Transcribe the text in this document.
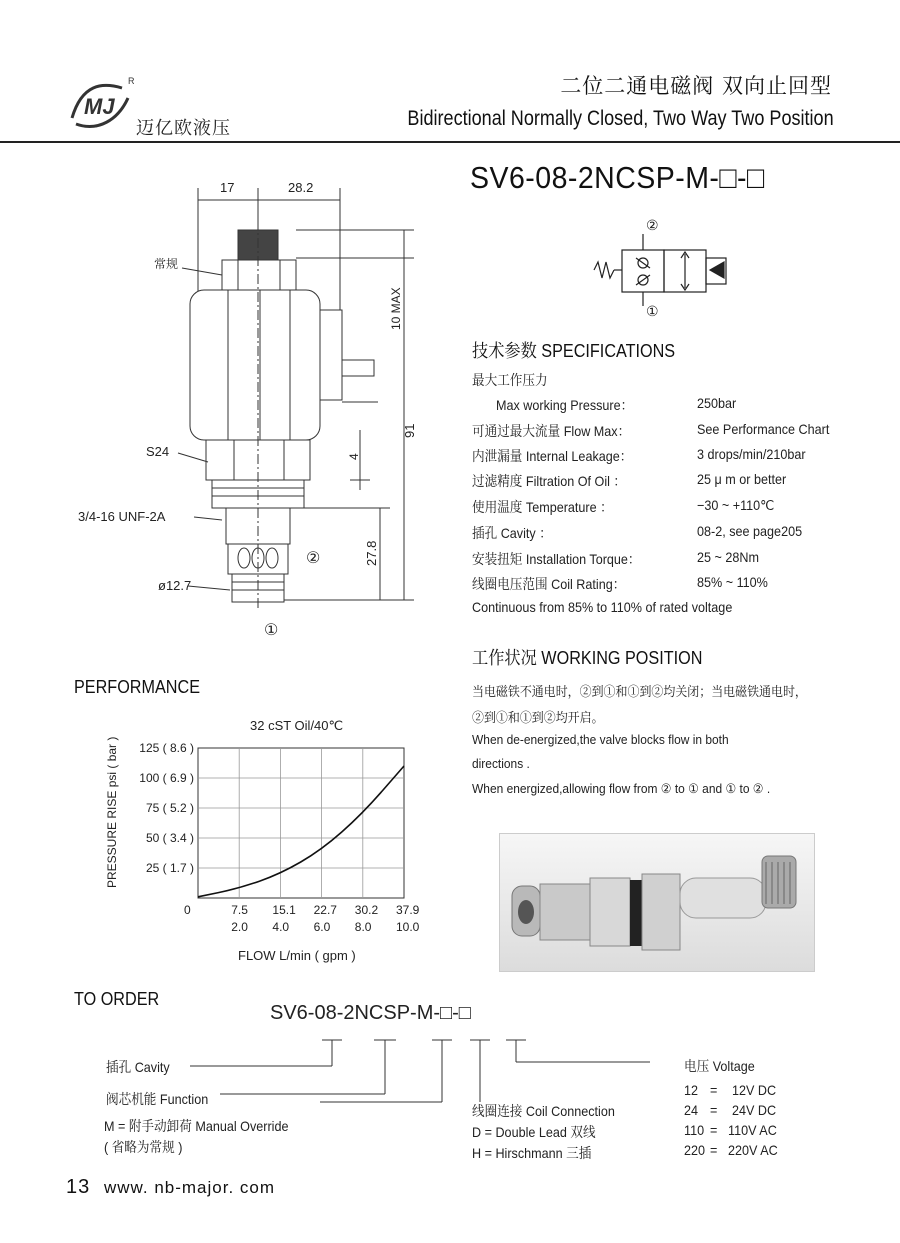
MJ
R
迈亿欧液压
二位二通电磁阀 双向止回型
Bidirectional Normally Closed, Two Way Two Position
SV6-08-2NCSP-M-□-□
17	28.2
常规
10 MAX
91
4
27.8
S24
3/4-16 UNF-2A
ø12.7
②
①
②
①
技术参数 SPECIFICATIONS
最大工作压力
Max working Pressure：	250bar
可通过最大流量 Flow Max：	See Performance Chart
内泄漏量 Internal Leakage：	3 drops/min/210bar
过滤精度 Filtration Of Oil ：	25 μ m or better
使用温度 Temperature ：	−30 ~ +110℃
插孔 Cavity ：	08-2, see page205
安装扭矩 Installation Torque：	25 ~ 28Nm
线圈电压范围 Coil Rating：	85% ~ 110%
Continuous from 85% to 110% of rated voltage
工作状况 WORKING POSITION
当电磁铁不通电时，②到①和①到②均关闭；当电磁铁通电时，
②到①和①到②均开启。
When de-energized,the valve blocks flow in both
directions .
When energized,allowing flow from ② to ① and ① to ② .
PERFORMANCE
32 cST Oil/40℃
PRESSURE RISE psi ( bar )
FLOW L/min ( gpm )
7.5
2.0
15.1
4.0
22.7
6.0
30.2
8.0
37.9
10.0
25 ( 1.7 )
50 ( 3.4 )
75 ( 5.2 )
100 ( 6.9 )
125 ( 8.6 )
0
TO ORDER
SV6-08-2NCSP-M-□-□
插孔 Cavity
阀芯机能 Function
M = 附手动卸荷 Manual Override
( 省略为常规 )
线圈连接 Coil Connection
D = Double Lead 双线
H = Hirschmann 三插
电压 Voltage
12 = 12V DC
24 = 24V DC
110 = 110V AC
220 = 220V AC
13 www. nb-major. com
